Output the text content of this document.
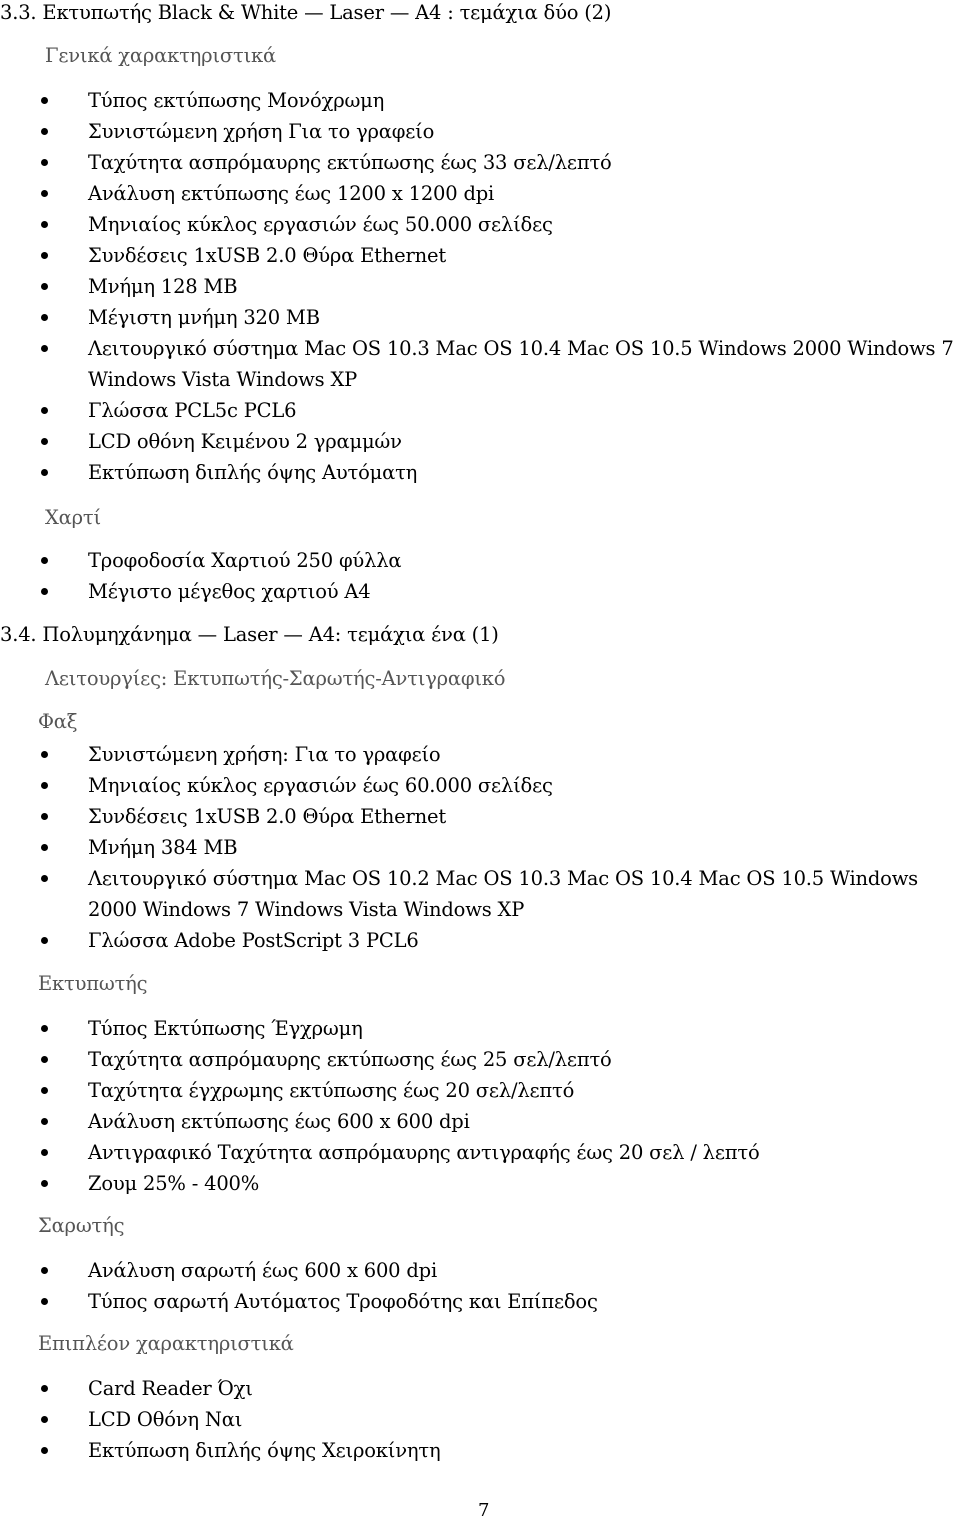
3.3. Εκτυπωτής Black & White — Laser — A4 : τεμάχια δύο (2)

Γενικά χαρακτηριστικά

Τύπος εκτύπωσης Μονόχρωμη
Συνιστώμενη χρήση Για το γραφείο
Ταχύτητα ασπρόμαυρης εκτύπωσης έως 33 σελ/λεπτό
Ανάλυση εκτύπωσης έως 1200 x 1200 dpi
Μηνιαίος κύκλος εργασιών έως 50.000 σελίδες
Συνδέσεις 1xUSB 2.0 Θύρα Ethernet
Μνήμη 128 MB
Μέγιστη μνήμη 320 MB
Λειτουργικό σύστημα Mac OS 10.3 Mac OS 10.4 Mac OS 10.5 Windows 2000 Windows 7 Windows Vista Windows XP
Γλώσσα PCL5c PCL6
LCD οθόνη Κειμένου 2 γραμμών
Εκτύπωση διπλής όψης Αυτόματη

Χαρτί

Τροφοδοσία Χαρτιού 250 φύλλα
Μέγιστο μέγεθος χαρτιού A4

3.4. Πολυμηχάνημα — Laser — A4: τεμάχια ένα (1)

Λειτουργίες: Εκτυπωτής-Σαρωτής-Αντιγραφικό

Φαξ

Συνιστώμενη χρήση: Για το γραφείο
Μηνιαίος κύκλος εργασιών έως 60.000 σελίδες
Συνδέσεις 1xUSB 2.0 Θύρα Ethernet
Μνήμη 384 MB
Λειτουργικό σύστημα Mac OS 10.2 Mac OS 10.3 Mac OS 10.4 Mac OS 10.5 Windows 2000 Windows 7 Windows Vista Windows XP
Γλώσσα Adobe PostScript 3 PCL6

Εκτυπωτής

Τύπος Εκτύπωσης Έγχρωμη
Ταχύτητα ασπρόμαυρης εκτύπωσης έως 25 σελ/λεπτό
Ταχύτητα έγχρωμης εκτύπωσης έως 20 σελ/λεπτό
Ανάλυση εκτύπωσης έως 600 x 600 dpi
Αντιγραφικό Ταχύτητα ασπρόμαυρης αντιγραφής έως 20 σελ / λεπτό
Ζουμ 25% - 400%

Σαρωτής

Ανάλυση σαρωτή έως 600 x 600 dpi
Τύπος σαρωτή Αυτόματος Τροφοδότης και Επίπεδος

Επιπλέον χαρακτηριστικά

Card Reader Όχι
LCD Οθόνη Ναι
Εκτύπωση διπλής όψης Χειροκίνητη

7
